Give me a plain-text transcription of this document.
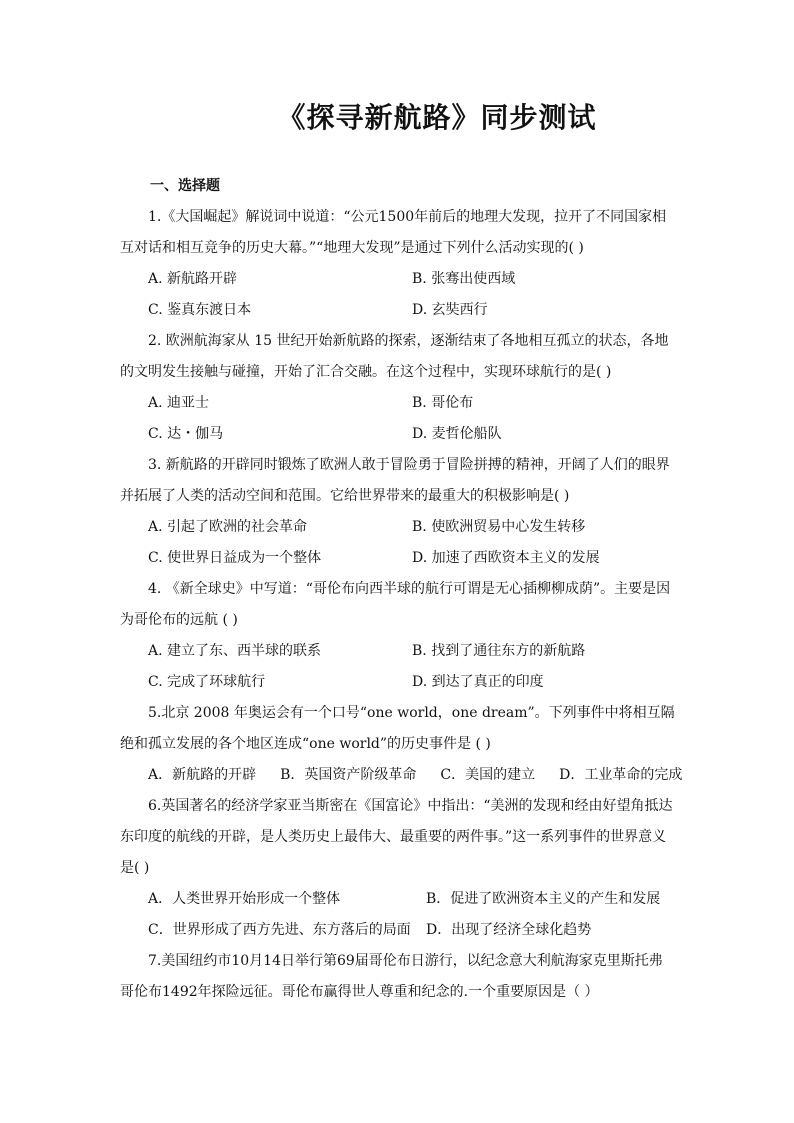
《探寻新航路》同步测试
一、选择题
1.《大国崛起》解说词中说道：“公元1500年前后的地理大发现，拉开了不同国家相互对话和相互竞争的历史大幕。”“地理大发现”是通过下列什么活动实现的( )
A. 新航路开辟	B. 张骞出使西域
C. 鉴真东渡日本	D. 玄奘西行
2. 欧洲航海家从 15 世纪开始新航路的探索，逐渐结束了各地相互孤立的状态，各地的文明发生接触与碰撞，开始了汇合交融。在这个过程中，实现环球航行的是( )
A. 迪亚士	B. 哥伦布
C. 达・伽马	D. 麦哲伦船队
3. 新航路的开辟同时锻炼了欧洲人敢于冒险勇于冒险拼搏的精神，开阔了人们的眼界并拓展了人类的活动空间和范围。它给世界带来的最重大的积极影响是( )
A. 引起了欧洲的社会革命	B. 使欧洲贸易中心发生转移
C. 使世界日益成为一个整体	D. 加速了西欧资本主义的发展
4. 《新全球史》中写道：“哥伦布向西半球的航行可谓是无心插柳柳成荫”。主要是因为哥伦布的远航 ( )
A. 建立了东、西半球的联系	B. 找到了通往东方的新航路
C. 完成了环球航行	D. 到达了真正的印度
5.北京 2008 年奥运会有一个口号“one world，one dream”。下列事件中将相互隔绝和孤立发展的各个地区连成“one world”的历史事件是 ( )
A．新航路的开辟 B．英国资产阶级革命 C．美国的建立 D．工业革命的完成
6.英国著名的经济学家亚当斯密在《国富论》中指出：“美洲的发现和经由好望角抵达东印度的航线的开辟，是人类历史上最伟大、最重要的两件事。”这一系列事件的世界意义是( )
A．人类世界开始形成一个整体	B．促进了欧洲资本主义的产生和发展
C．世界形成了西方先进、东方落后的局面 D．出现了经济全球化趋势
7.美国纽约市10月14日举行第69届哥伦布日游行，以纪念意大利航海家克里斯托弗哥伦布1492年探险远征。哥伦布赢得世人尊重和纪念的.一个重要原因是（ ）
